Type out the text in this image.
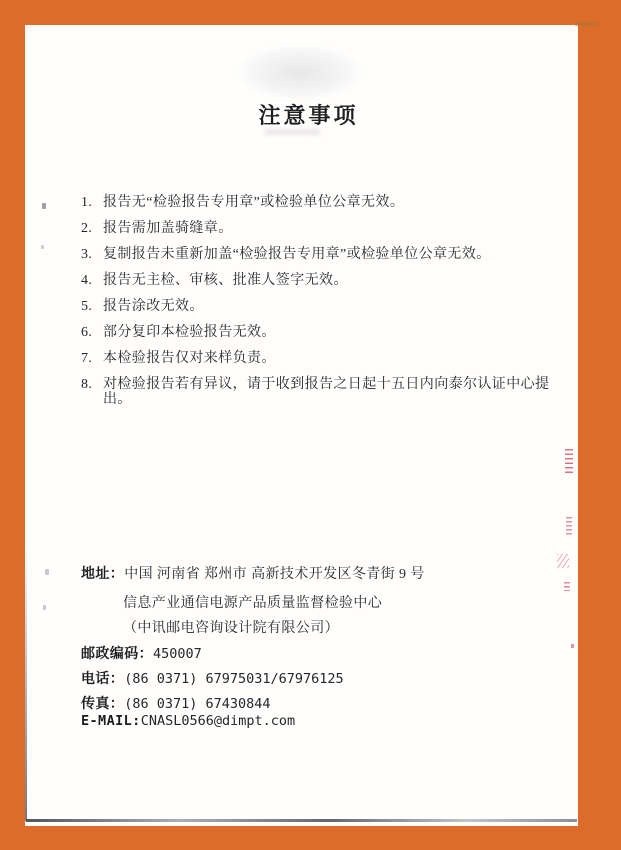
注意事项
1. 报告无“检验报告专用章”或检验单位公章无效。
2. 报告需加盖骑缝章。
3. 复制报告未重新加盖“检验报告专用章”或检验单位公章无效。
4. 报告无主检、审核、批准人签字无效。
5. 报告涂改无效。
6. 部分复印本检验报告无效。
7. 本检验报告仅对来样负责。
8. 对检验报告若有异议，请于收到报告之日起十五日内向泰尔认证中心提出。
地址：中国 河南省 郑州市 高新技术开发区冬青街 9 号
信息产业通信电源产品质量监督检验中心
（中讯邮电咨询设计院有限公司）
邮政编码：450007
电话：(86 0371) 67975031/67976125
传真：(86 0371) 67430844
E-MAIL:CNASL0566@dimpt.com
